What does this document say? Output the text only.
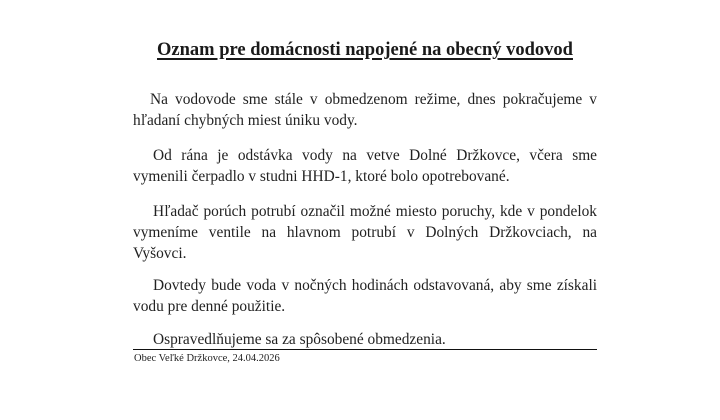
Oznam pre domácnosti napojené na obecný vodovod
Na vodovode sme stále v obmedzenom režime, dnes pokračujeme v hľadaní chybných miest úniku vody.
Od rána je odstávka vody na vetve Dolné Držkovce, včera sme vymenili čerpadlo v studni HHD-1, ktoré bolo opotrebované.
Hľadač porúch potrubí označil možné miesto poruchy, kde v pondelok vymeníme ventile na hlavnom potrubí v Dolných Držkovciach, na Vyšovci.
Dovtedy bude voda v nočných hodinách odstavovaná, aby sme získali vodu pre denné použitie.
Ospravedlňujeme sa za spôsobené obmedzenia.
Obec Veľké Držkovce, 24.04.2026
